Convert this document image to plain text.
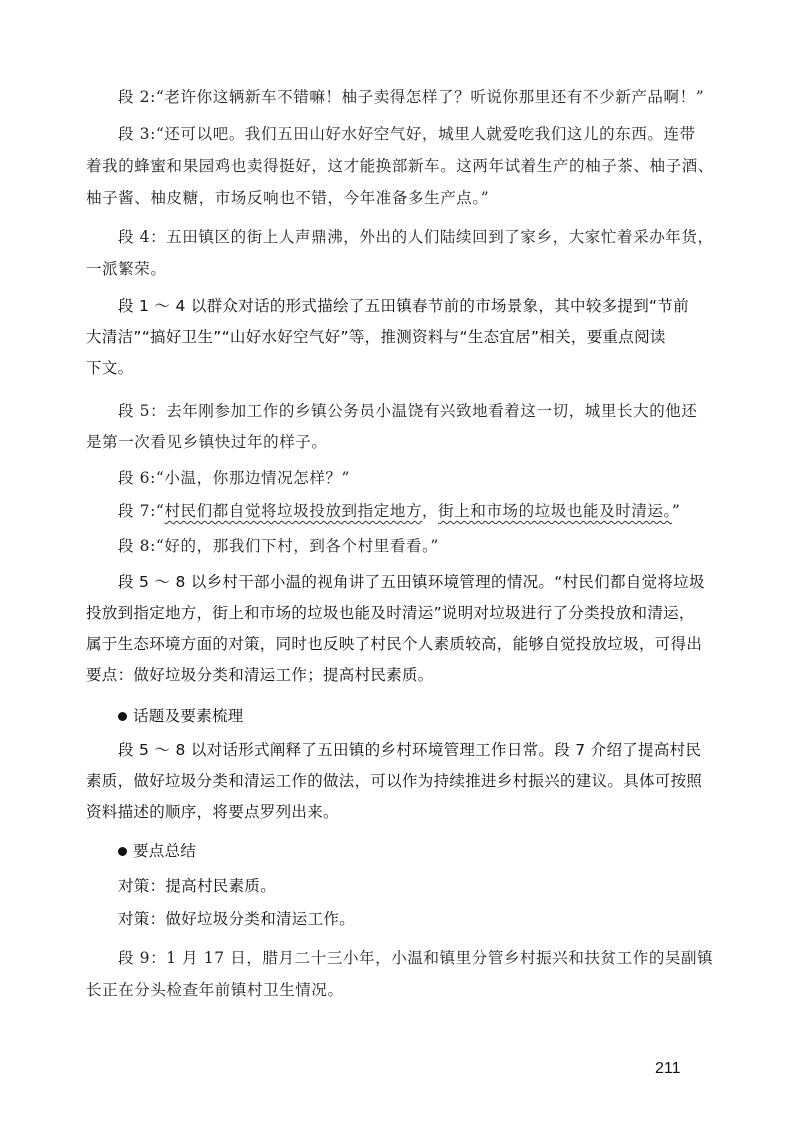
段 2:“老许你这辆新车不错嘛！柚子卖得怎样了？听说你那里还有不少新产品啊！”
段 3:“还可以吧。我们五田山好水好空气好，城里人就爱吃我们这儿的东西。连带
着我的蜂蜜和果园鸡也卖得挺好，这才能换部新车。这两年试着生产的柚子茶、柚子酒、
柚子酱、柚皮糖，市场反响也不错，今年准备多生产点。”
段 4：五田镇区的街上人声鼎沸，外出的人们陆续回到了家乡，大家忙着采办年货，
一派繁荣。
段 1 ～ 4 以群众对话的形式描绘了五田镇春节前的市场景象，其中较多提到“节前
大清洁”“搞好卫生”“山好水好空气好”等，推测资料与“生态宜居”相关，要重点阅读
下文。
段 5：去年刚参加工作的乡镇公务员小温饶有兴致地看着这一切，城里长大的他还
是第一次看见乡镇快过年的样子。
段 6:“小温，你那边情况怎样？”
段 7:“村民们都自觉将垃圾投放到指定地方，街上和市场的垃圾也能及时清运。”
段 8:“好的，那我们下村，到各个村里看看。”
段 5 ～ 8 以乡村干部小温的视角讲了五田镇环境管理的情况。“村民们都自觉将垃圾
投放到指定地方，街上和市场的垃圾也能及时清运”说明对垃圾进行了分类投放和清运，
属于生态环境方面的对策，同时也反映了村民个人素质较高，能够自觉投放垃圾，可得出
要点：做好垃圾分类和清运工作；提高村民素质。
话题及要素梳理
段 5 ～ 8 以对话形式阐释了五田镇的乡村环境管理工作日常。段 7 介绍了提高村民
素质，做好垃圾分类和清运工作的做法，可以作为持续推进乡村振兴的建议。具体可按照
资料描述的顺序，将要点罗列出来。
要点总结
对策：提高村民素质。
对策：做好垃圾分类和清运工作。
段 9：1 月 17 日，腊月二十三小年，小温和镇里分管乡村振兴和扶贫工作的吴副镇
长正在分头检查年前镇村卫生情况。
211
